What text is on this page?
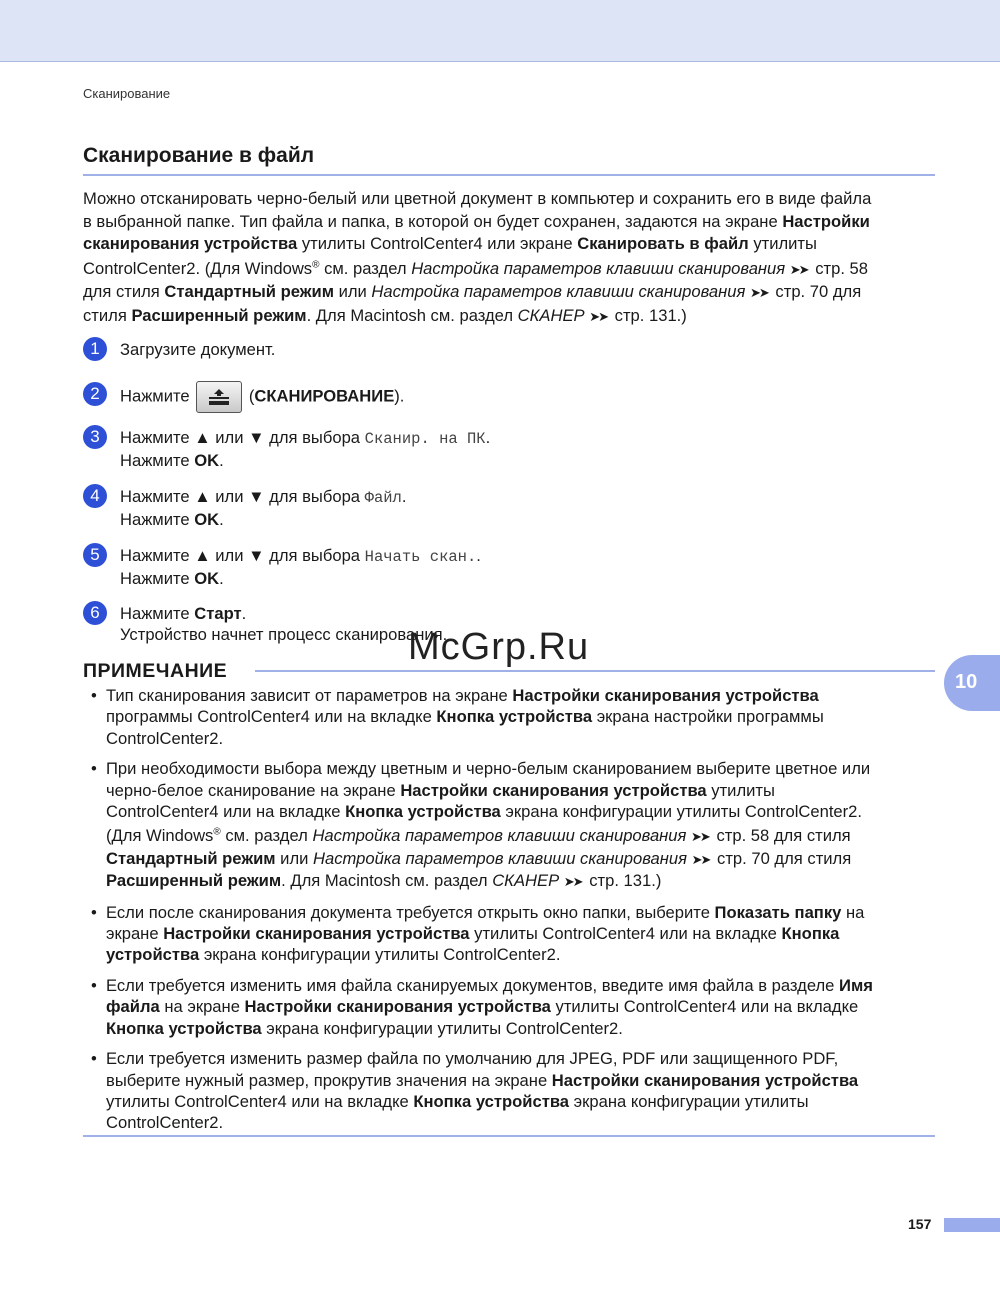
Сканирование
Сканирование в файл
Можно отсканировать черно-белый или цветной документ в компьютер и сохранить его в виде файла
в выбранной папке. Тип файла и папка, в которой он будет сохранен, задаются на экране Настройки
сканирования устройства утилиты ControlCenter4 или экране Сканировать в файл утилиты
ControlCenter2. (Для Windows® см. раздел Настройка параметров клавиши сканирования ➤➤ стр. 58
для стиля Стандартный режим или Настройка параметров клавиши сканирования ➤➤ стр. 70 для
стиля Расширенный режим. Для Macintosh см. раздел СКАНЕР ➤➤ стр. 131.)
1	Загрузите документ.
2	Нажмите	(СКАНИРОВАНИЕ).
3	Нажмите ▲ или ▼ для выбора Сканир. на ПК.
Нажмите OK.
4	Нажмите ▲ или ▼ для выбора Файл.
Нажмите OK.
5	Нажмите ▲ или ▼ для выбора Начать скан..
Нажмите OK.
6	Нажмите Старт.
Устройство начнет процесс сканирования.
McGrp.Ru
ПРИМЕЧАНИЕ	10
• Тип сканирования зависит от параметров на экране Настройки сканирования устройства
программы ControlCenter4 или на вкладке Кнопка устройства экрана настройки программы
ControlCenter2.
• При необходимости выбора между цветным и черно-белым сканированием выберите цветное или
черно-белое сканирование на экране Настройки сканирования устройства утилиты
ControlCenter4 или на вкладке Кнопка устройства экрана конфигурации утилиты ControlCenter2.
(Для Windows® см. раздел Настройка параметров клавиши сканирования ➤➤ стр. 58 для стиля
Стандартный режим или Настройка параметров клавиши сканирования ➤➤ стр. 70 для стиля
Расширенный режим. Для Macintosh см. раздел СКАНЕР ➤➤ стр. 131.)
• Если после сканирования документа требуется открыть окно папки, выберите Показать папку на
экране Настройки сканирования устройства утилиты ControlCenter4 или на вкладке Кнопка
устройства экрана конфигурации утилиты ControlCenter2.
• Если требуется изменить имя файла сканируемых документов, введите имя файла в разделе Имя
файла на экране Настройки сканирования устройства утилиты ControlCenter4 или на вкладке
Кнопка устройства экрана конфигурации утилиты ControlCenter2.
• Если требуется изменить размер файла по умолчанию для JPEG, PDF или защищенного PDF,
выберите нужный размер, прокрутив значения на экране Настройки сканирования устройства
утилиты ControlCenter4 или на вкладке Кнопка устройства экрана конфигурации утилиты
ControlCenter2.
157
